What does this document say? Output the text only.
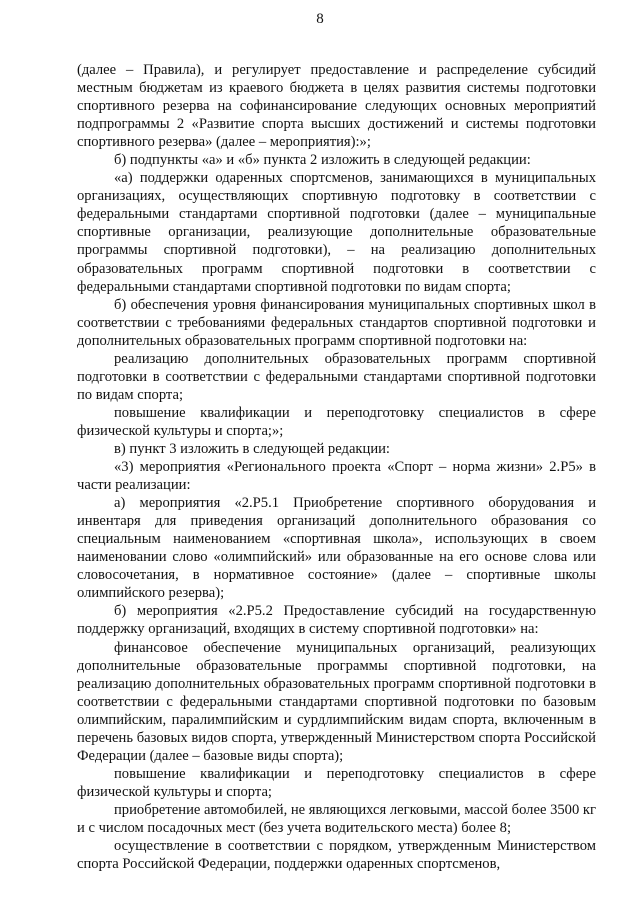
8

(далее – Правила), и регулирует предоставление и распределение субсидий местным бюджетам из краевого бюджета в целях развития системы подготовки спортивного резерва на софинансирование следующих основных мероприятий подпрограммы 2 «Развитие спорта высших достижений и системы подготовки спортивного резерва» (далее – мероприятия):»;

б) подпункты «а» и «б» пункта 2 изложить в следующей редакции:

«а) поддержки одаренных спортсменов, занимающихся в муниципальных организациях, осуществляющих спортивную подготовку в соответствии с федеральными стандартами спортивной подготовки (далее – муниципальные спортивные организации, реализующие дополнительные образовательные программы спортивной подготовки), – на реализацию дополнительных образовательных программ спортивной подготовки в соответствии с федеральными стандартами спортивной подготовки по видам спорта;

б) обеспечения уровня финансирования муниципальных спортивных школ в соответствии с требованиями федеральных стандартов спортивной подготовки и дополнительных образовательных программ спортивной подготовки на:

реализацию дополнительных образовательных программ спортивной подготовки в соответствии с федеральными стандартами спортивной подготовки по видам спорта;

повышение квалификации и переподготовку специалистов в сфере физической культуры и спорта;»;

в) пункт 3 изложить в следующей редакции:

«3) мероприятия «Регионального проекта «Спорт – норма жизни» 2.Р5» в части реализации:

а) мероприятия «2.Р5.1 Приобретение спортивного оборудования и инвентаря для приведения организаций дополнительного образования со специальным наименованием «спортивная школа», использующих в своем наименовании слово «олимпийский» или образованные на его основе слова или словосочетания, в нормативное состояние» (далее – спортивные школы олимпийского резерва);

б) мероприятия «2.Р5.2 Предоставление субсидий на государственную поддержку организаций, входящих в систему спортивной подготовки» на:

финансовое обеспечение муниципальных организаций, реализующих дополнительные образовательные программы спортивной подготовки, на реализацию дополнительных образовательных программ спортивной подготовки в соответствии с федеральными стандартами спортивной подготовки по базовым олимпийским, паралимпийским и сурдлимпийским видам спорта, включенным в перечень базовых видов спорта, утвержденный Министерством спорта Российской Федерации (далее – базовые виды спорта);

повышение квалификации и переподготовку специалистов в сфере физической культуры и спорта;

приобретение автомобилей, не являющихся легковыми, массой более 3500 кг и с числом посадочных мест (без учета водительского места) более 8;

осуществление в соответствии с порядком, утвержденным Министерством спорта Российской Федерации, поддержки одаренных спортсменов,
